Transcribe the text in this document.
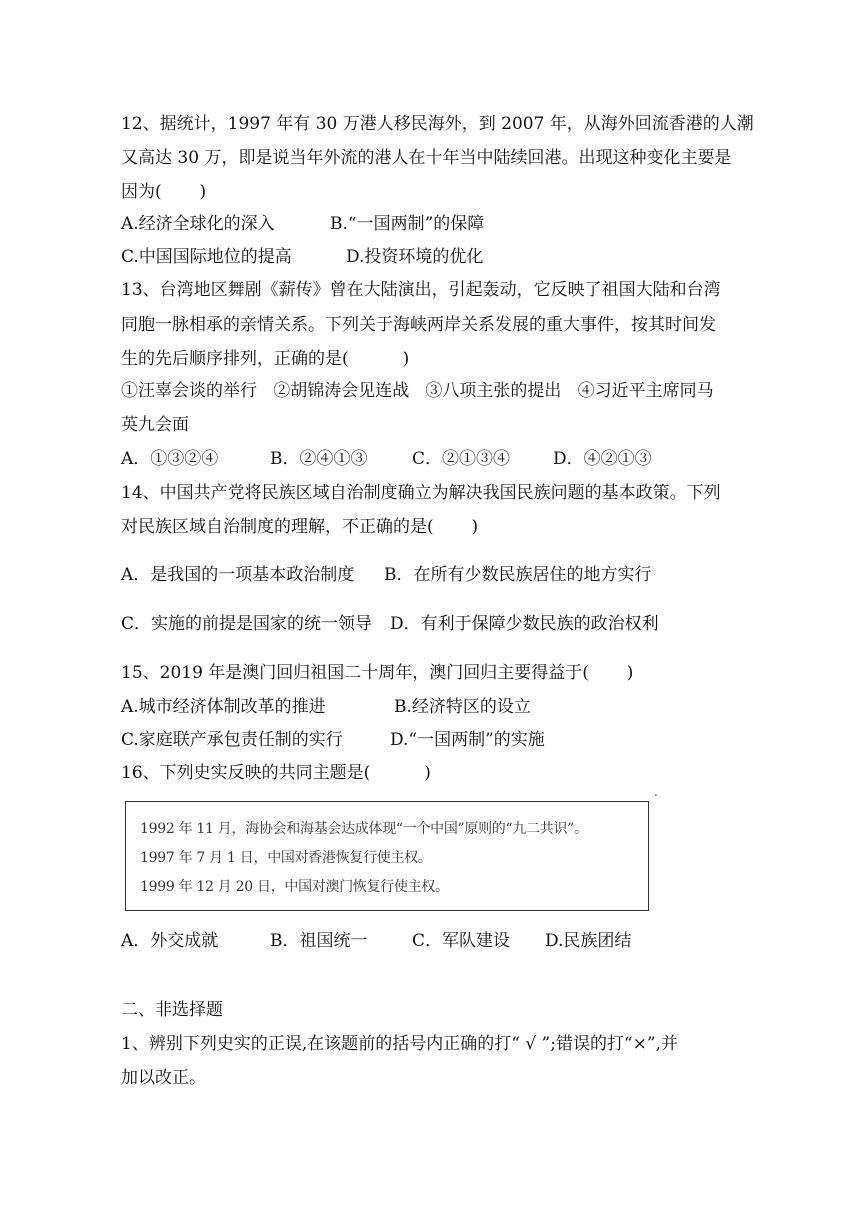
12、据统计，1997 年有 30 万港人移民海外，到 2007 年，从海外回流香港的人潮
又高达 30 万，即是说当年外流的港人在十年当中陆续回港。出现这种变化主要是
因为(       )
A.经济全球化的深入	B.“一国两制”的保障
C.中国国际地位的提高	D.投资环境的优化
13、台湾地区舞剧《薪传》曾在大陆演出，引起轰动，它反映了祖国大陆和台湾
同胞一脉相承的亲情关系。下列关于海峡两岸关系发展的重大事件，按其时间发
生的先后顺序排列，正确的是(          )
①汪辜会谈的举行   ②胡锦涛会见连战   ③八项主张的提出   ④习近平主席同马
英九会面
A．①③②④	B．②④①③	C．②①③④	D．④②①③
14、中国共产党将民族区域自治制度确立为解决我国民族问题的基本政策。下列
对民族区域自治制度的理解，不正确的是(       )
A．是我国的一项基本政治制度 B．在所有少数民族居住的地方实行
C．实施的前提是国家的统一领导 D．有利于保障少数民族的政治权利
15、2019 年是澳门回归祖国二十周年，澳门回归主要得益于(       )
A.城市经济体制改革的推进	B.经济特区的设立
C.家庭联产承包责任制的实行	D.“一国两制”的实施
16、下列史实反映的共同主题是(          )
.
1992 年 11 月，海协会和海基会达成体现“一个中国”原则的“九二共识”。
1997 年 7 月 1 日，中国对香港恢复行使主权。
1999 年 12 月 20 日，中国对澳门恢复行使主权。
A．外交成就	B．祖国统一	C．军队建设 D.民族团结
二、非选择题
1、辨别下列史实的正误,在该题前的括号内正确的打“ √ ”;错误的打“×”,并
加以改正。
